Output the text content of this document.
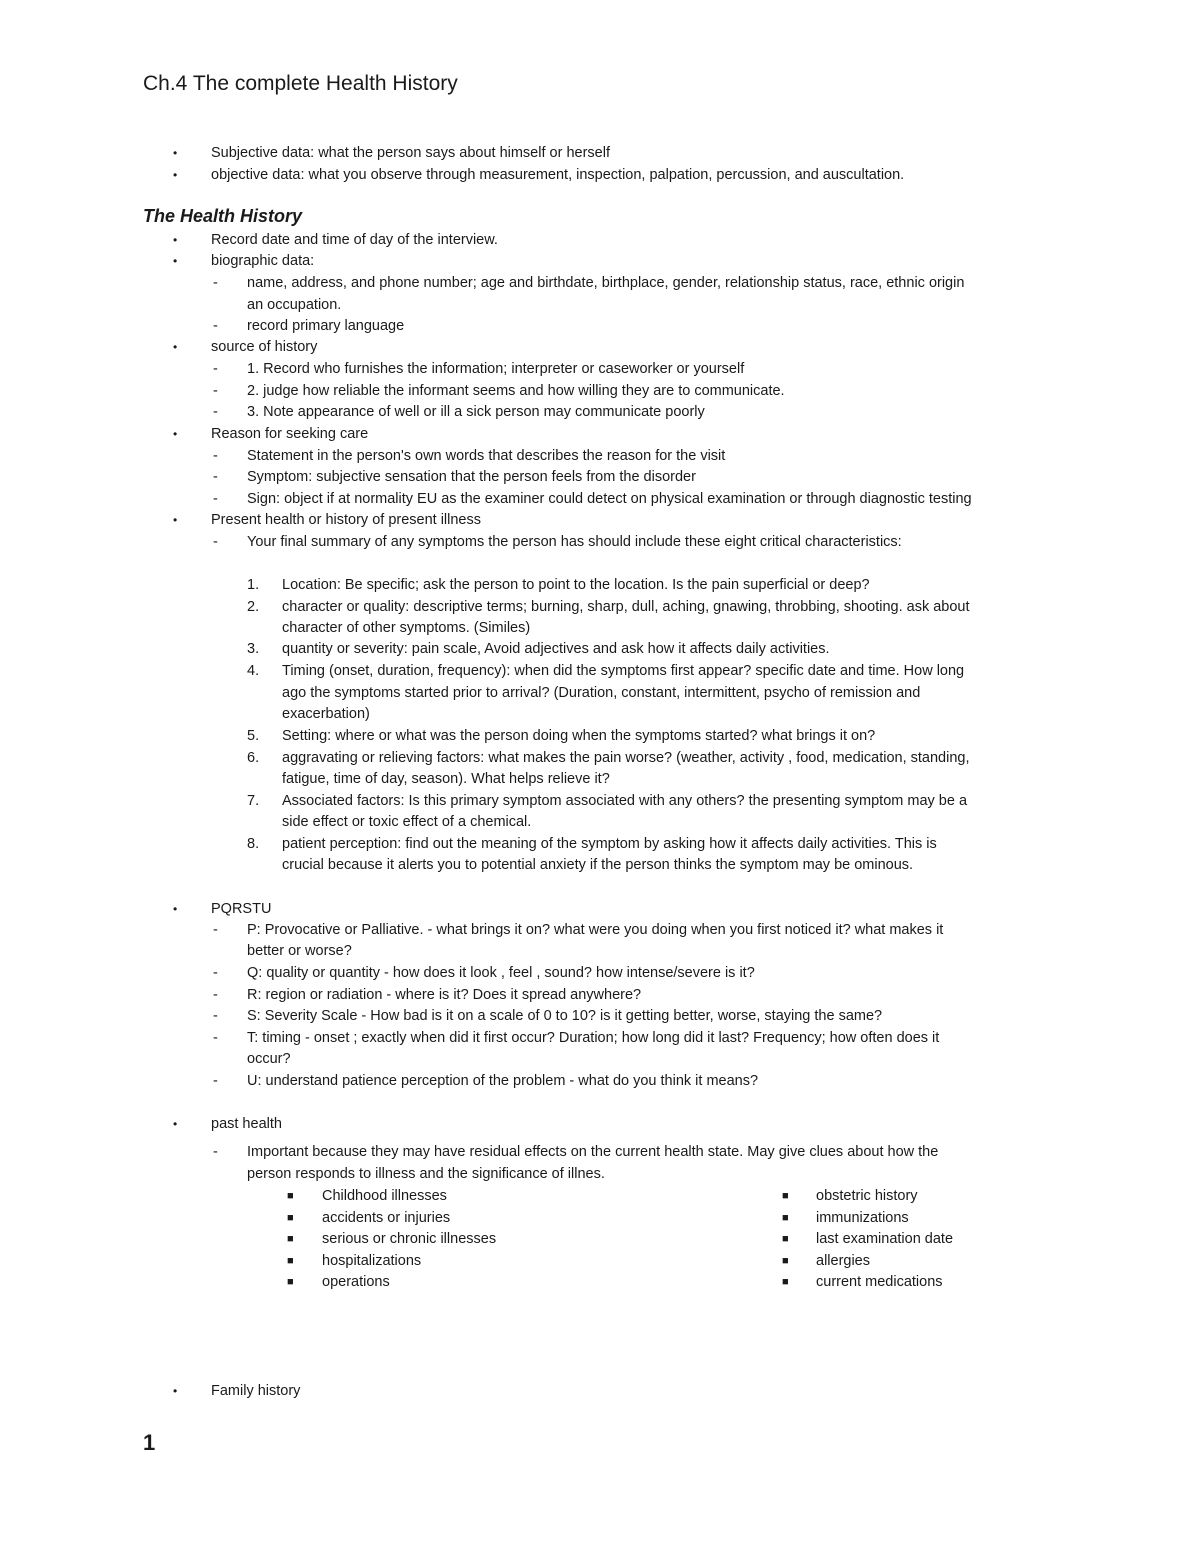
Ch.4 The complete Health History
• Subjective data: what the person says about himself or herself
• objective data: what you observe through measurement, inspection, palpation, percussion, and auscultation.
The Health History
• Record date and time of day of the interview.
• biographic data:
- name, address, and phone number; age and birthdate, birthplace, gender, relationship status, race, ethnic origin
an occupation.
- record primary language
• source of history
- 1. Record who furnishes the information; interpreter or caseworker or yourself
- 2. judge how reliable the informant seems and how willing they are to communicate.
- 3. Note appearance of well or ill a sick person may communicate poorly
• Reason for seeking care
- Statement in the person's own words that describes the reason for the visit
- Symptom: subjective sensation that the person feels from the disorder
- Sign: object if at normality EU as the examiner could detect on physical examination or through diagnostic testing
• Present health or history of present illness
- Your final summary of any symptoms the person has should include these eight critical characteristics:
1. Location: Be specific; ask the person to point to the location. Is the pain superficial or deep?
2. character or quality: descriptive terms; burning, sharp, dull, aching, gnawing, throbbing, shooting. ask about
character of other symptoms. (Similes)
3. quantity or severity: pain scale, Avoid adjectives and ask how it affects daily activities.
4. Timing (onset, duration, frequency): when did the symptoms first appear? specific date and time. How long
ago the symptoms started prior to arrival? (Duration, constant, intermittent, psycho of remission and
exacerbation)
5. Setting: where or what was the person doing when the symptoms started? what brings it on?
6. aggravating or relieving factors: what makes the pain worse? (weather, activity , food, medication, standing,
fatigue, time of day, season). What helps relieve it?
7. Associated factors: Is this primary symptom associated with any others? the presenting symptom may be a
side effect or toxic effect of a chemical.
8. patient perception: find out the meaning of the symptom by asking how it affects daily activities. This is
crucial because it alerts you to potential anxiety if the person thinks the symptom may be ominous.
• PQRSTU
- P: Provocative or Palliative. - what brings it on? what were you doing when you first noticed it? what makes it
better or worse?
- Q: quality or quantity - how does it look , feel , sound? how intense/severe is it?
- R: region or radiation - where is it? Does it spread anywhere?
- S: Severity Scale - How bad is it on a scale of 0 to 10? is it getting better, worse, staying the same?
- T: timing - onset ; exactly when did it first occur? Duration; how long did it last? Frequency; how often does it
occur?
- U: understand patience perception of the problem - what do you think it means?
• past health
- Important because they may have residual effects on the current health state. May give clues about how the
person responds to illness and the significance of illnes.
■ Childhood illnesses
■ accidents or injuries
■ serious or chronic illnesses
■ hospitalizations
■ operations
■ obstetric history
■ immunizations
■ last examination date
■ allergies
■ current medications
• Family history
1
